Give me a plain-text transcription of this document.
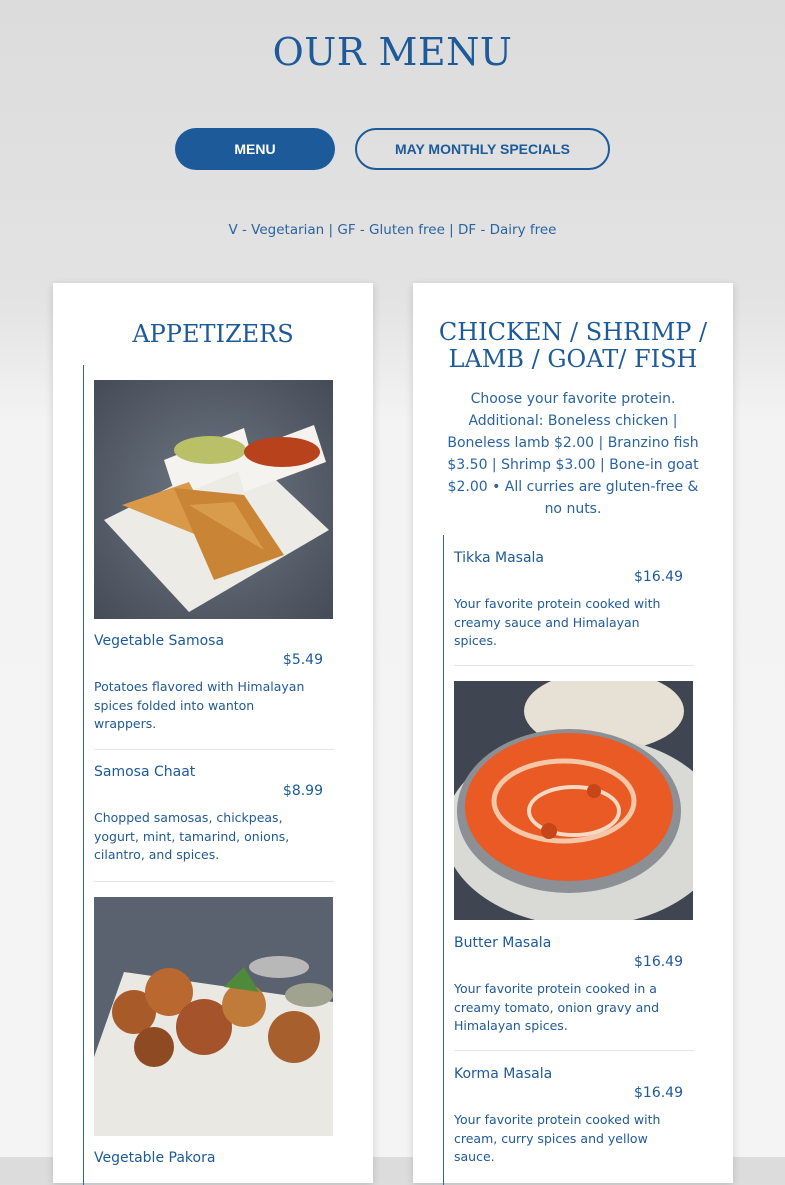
OUR MENU
MENU	MAY MONTHLY SPECIALS
V - Vegetarian | GF - Gluten free | DF - Dairy free
APPETIZERS
Vegetable Samosa
$5.49
Potatoes flavored with Himalayan spices folded into wanton wrappers.
Samosa Chaat
$8.99
Chopped samosas, chickpeas, yogurt, mint, tamarind, onions, cilantro, and spices.
Vegetable Pakora
CHICKEN / SHRIMP / LAMB / GOAT/ FISH
Choose your favorite protein. Additional: Boneless chicken | Boneless lamb $2.00 | Branzino fish $3.50 | Shrimp $3.00 | Bone-in goat $2.00 • All curries are gluten-free & no nuts.
Tikka Masala
$16.49
Your favorite protein cooked with creamy sauce and Himalayan spices.
Butter Masala
$16.49
Your favorite protein cooked in a creamy tomato, onion gravy and Himalayan spices.
Korma Masala
$16.49
Your favorite protein cooked with cream, curry spices and yellow sauce.
